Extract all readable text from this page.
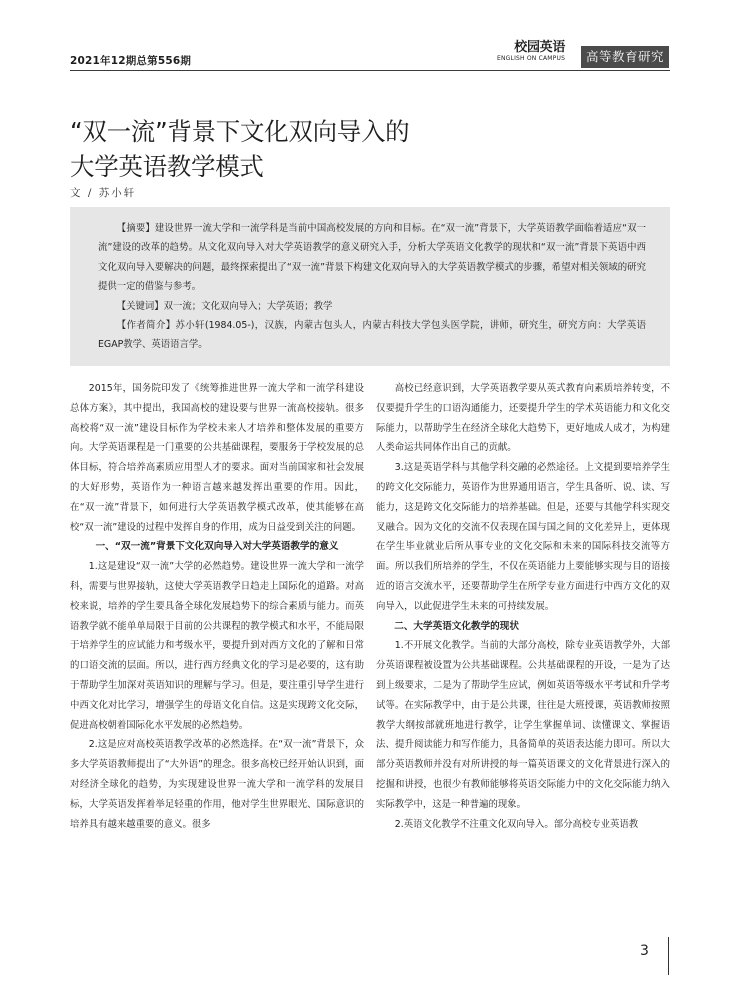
2021年12期总第556期
校园英语
ENGLISH ON CAMPUS	高等教育研究
“双一流”背景下文化双向导入的
大学英语教学模式
文 / 苏小轩

【摘要】建设世界一流大学和一流学科是当前中国高校发展的方向和目标。在“双一流”背景下，大学英语教学面临着适应“双一流”建设的改革的趋势。从文化双向导入对大学英语教学的意义研究入手，分析大学英语文化教学的现状和“双一流”背景下英语中西文化双向导入要解决的问题，最终探索提出了“双一流”背景下构建文化双向导入的大学英语教学模式的步骤，希望对相关领域的研究提供一定的借鉴与参考。

【关键词】双一流；文化双向导入；大学英语；教学

【作者简介】苏小轩(1984.05-)，汉族，内蒙古包头人，内蒙古科技大学包头医学院，讲师，研究生，研究方向：大学英语EGAP教学、英语语言学。

2015年，国务院印发了《统筹推进世界一流大学和一流学科建设总体方案》，其中提出，我国高校的建设要与世界一流高校接轨。很多高校将“双一流”建设目标作为学校未来人才培养和整体发展的重要方向。大学英语课程是一门重要的公共基础课程，要服务于学校发展的总体目标，符合培养高素质应用型人才的要求。面对当前国家和社会发展的大好形势，英语作为一种语言越来越发挥出重要的作用。因此，在“双一流”背景下，如何进行大学英语教学模式改革，使其能够在高校“双一流”建设的过程中发挥自身的作用，成为日益受到关注的问题。

一、“双一流”背景下文化双向导入对大学英语教学的意义

1.这是建设“双一流”大学的必然趋势。建设世界一流大学和一流学科，需要与世界接轨，这使大学英语教学日趋走上国际化的道路。对高校来说，培养的学生要具备全球化发展趋势下的综合素质与能力。而英语教学就不能单单局限于目前的公共课程的教学模式和水平，不能局限于培养学生的应试能力和考级水平，要提升到对西方文化的了解和日常的口语交流的层面。所以，进行西方经典文化的学习是必要的，这有助于帮助学生加深对英语知识的理解与学习。但是，要注重引导学生进行中西文化对比学习，增强学生的母语文化自信。这是实现跨文化交际，促进高校朝着国际化水平发展的必然趋势。

2.这是应对高校英语教学改革的必然选择。在“双一流”背景下，众多大学英语教师提出了“大外语”的理念。很多高校已经开始认识到，面对经济全球化的趋势，为实现建设世界一流大学和一流学科的发展目标，大学英语发挥着举足轻重的作用，他对学生世界眼光、国际意识的培养具有越来越重要的意义。很多

高校已经意识到，大学英语教学要从英式教育向素质培养转变，不仅要提升学生的口语沟通能力，还要提升学生的学术英语能力和文化交际能力，以帮助学生在经济全球化大趋势下，更好地成人成才，为构建人类命运共同体作出自己的贡献。

3.这是英语学科与其他学科交融的必然途径。上文提到要培养学生的跨文化交际能力，英语作为世界通用语言，学生具备听、说、读、写能力，这是跨文化交际能力的培养基础。但是，还要与其他学科实现交叉融合。因为文化的交流不仅表现在国与国之间的文化差异上，更体现在学生毕业就业后所从事专业的文化交际和未来的国际科技交流等方面。所以我们所培养的学生，不仅在英语能力上要能够实现与目的语接近的语言交流水平，还要帮助学生在所学专业方面进行中西方文化的双向导入，以此促进学生未来的可持续发展。

二、大学英语文化教学的现状

1.不开展文化教学。当前的大部分高校，除专业英语教学外，大部分英语课程被设置为公共基础课程。公共基础课程的开设，一是为了达到上级要求，二是为了帮助学生应试，例如英语等级水平考试和升学考试等。在实际教学中，由于是公共课，往往是大班授课，英语教师按照教学大纲按部就班地进行教学，让学生掌握单词、读懂课文、掌握语法、提升阅读能力和写作能力，具备简单的英语表达能力即可。所以大部分英语教师并没有对所讲授的每一篇英语课文的文化背景进行深入的挖掘和讲授，也很少有教师能够将英语交际能力中的文化交际能力纳入实际教学中，这是一种普遍的现象。

2.英语文化教学不注重文化双向导入。部分高校专业英语教

3
